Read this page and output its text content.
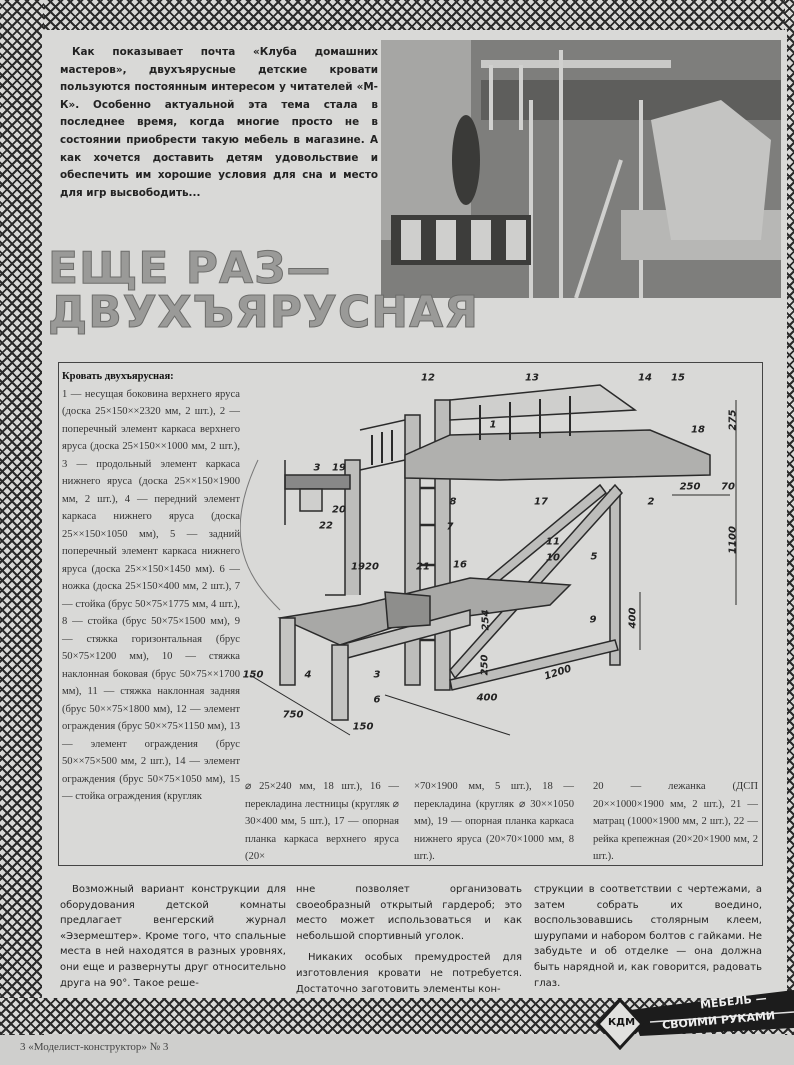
Как показывает почта «Клуба домашних мастеров», двухъярусные детские кровати пользуются постоянным интересом у читателей «М-К». Особенно актуальной эта тема стала в последнее время, когда многие просто не в состоянии приобрести такую мебель в магазине. А как хочется доставить детям удовольствие и обеспечить им хорошие условия для сна и место для игр высвободить...
ЕЩЕ РАЗ—
ДВУХЪЯРУСНАЯ
Кровать двухъярусная:
1 — несущая боковина верхнего яруса (доска 25×150××2320 мм, 2 шт.), 2 — поперечный элемент каркаса верхнего яруса (доска 25×150××1000 мм, 2 шт.), 3 — продольный элемент каркаса нижнего яруса (доска 25××150×1900 мм, 2 шт.), 4 — передний элемент каркаса нижнего яруса (доска 25××150×1050 мм), 5 — задний поперечный элемент каркаса нижнего яруса (доска 25××150×1450 мм). 6 — ножка (доска 25×150×400 мм, 2 шт.), 7 — стойка (брус 50×75×1775 мм, 4 шт.), 8 — стойка (брус 50×75×1500 мм), 9 — стяжка горизонтальная (брус 50×75×1200 мм), 10 — стяжка наклонная боковая (брус 50×75××1700 мм), 11 — стяжка наклонная задняя (брус 50××75×1800 мм), 12 — элемент ограждения (брус 50××75×1150 мм), 13 — элемент ограждения (брус 50××75×500 мм, 2 шт.), 14 — элемент ограждения (брус 50×75×1050 мм), 15 — стойка ограждения (кругляк
⌀ 25×240 мм, 18 шт.), 16 — перекладина лестницы (кругляк ⌀ 30×400 мм, 5 шт.), 17 — опорная планка каркаса верхнего яруса (20×
×70×1900 мм, 5 шт.), 18 — перекладина (кругляк ⌀ 30××1050 мм), 19 — опорная планка каркаса нижнего яруса (20×70×1000 мм, 8 шт.).
20 — лежанка (ДСП 20××1000×1900 мм, 2 шт.), 21 — матрац (1000×1900 мм, 2 шт.), 22 — рейка крепежная (20×20×1900 мм, 2 шт.).
12	13	14 15
1	18
3 19
20
22
8	17	2
7
11
16
10	5
19 20	21
9
4	3
6
275
250 70
1100
400
254
250	1200
400
150
750
150

Возможный вариант конструкции для оборудования детской комнаты предлагает венгерский журнал «Эзермештер». Кроме того, что спальные места в ней находятся в разных уровнях, они еще и развернуты друг относительно друга на 90°. Такое реше-

нне позволяет организовать своеобразный открытый гардероб; это место может использоваться и как небольшой спортивный уголок.

Никаких особых премудростей для изготовления кровати не потребуется. Достаточно заготовить элементы кон-

струкции в соответствии с чертежами, а затем собрать их воедино, воспользовавшись столярным клеем, шурупами и набором болтов с гайками. Не забудьте и об отделке — она должна быть нарядной и, как говорится, радовать глаз.

КДМ
МЕБЕЛЬ —
СВОИМИ РУКАМИ
3 «Моделист-конструктор» № 3
